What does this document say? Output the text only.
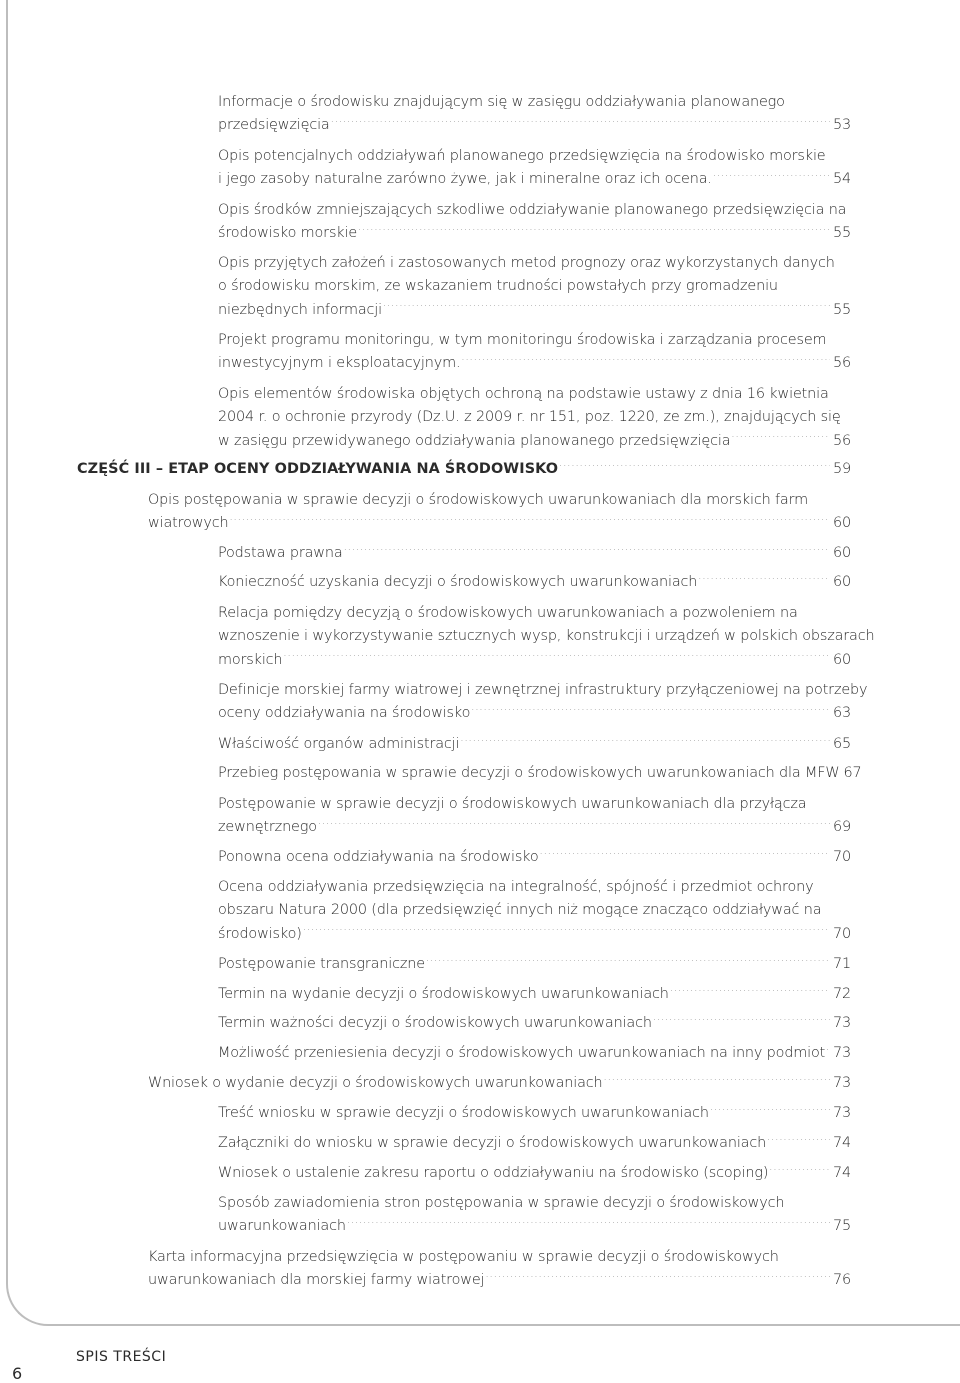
Informacje o środowisku znajdującym się w zasięgu oddziaływania planowanego
przedsięwzięcia .....	53
Opis potencjalnych oddziaływań planowanego przedsięwzięcia na środowisko morskie
i jego zasoby naturalne zarówno żywe, jak i mineralne oraz ich ocena. .....	54
Opis środków zmniejszających szkodliwe oddziaływanie planowanego przedsięwzięcia na
środowisko morskie .....	55
Opis przyjętych założeń i zastosowanych metod prognozy oraz wykorzystanych danych
o środowisku morskim, ze wskazaniem trudności powstałych przy gromadzeniu
niezbędnych informacji .....	55
Projekt programu monitoringu, w tym monitoringu środowiska i zarządzania procesem
inwestycyjnym i eksploatacyjnym. .....	56
Opis elementów środowiska objętych ochroną na podstawie ustawy z dnia 16 kwietnia
2004 r. o ochronie przyrody (Dz.U. z 2009 r. nr 151, poz. 1220, ze zm.), znajdujących się
w zasięgu przewidywanego oddziaływania planowanego przedsięwzięcia .....	56
CZĘŚĆ III – ETAP OCENY ODDZIAŁYWANIA NA ŚRODOWISKO .....	59
Opis postępowania w sprawie decyzji o środowiskowych uwarunkowaniach dla morskich farm
wiatrowych .....	60
Podstawa prawna .....	60
Konieczność uzyskania decyzji o środowiskowych uwarunkowaniach .....	60
Relacja pomiędzy decyzją o środowiskowych uwarunkowaniach a pozwoleniem na
wznoszenie i wykorzystywanie sztucznych wysp, konstrukcji i urządzeń w polskich obszarach
morskich .....	60
Definicje morskiej farmy wiatrowej i zewnętrznej infrastruktury przyłączeniowej na potrzeby
oceny oddziaływania na środowisko .....	63
Właściwość organów administracji .....	65
Przebieg postępowania w sprawie decyzji o środowiskowych uwarunkowaniach dla MFW 67
Postępowanie w sprawie decyzji o środowiskowych uwarunkowaniach dla przyłącza
zewnętrznego .....	69
Ponowna ocena oddziaływania na środowisko .....	70
Ocena oddziaływania przedsięwzięcia na integralność, spójność i przedmiot ochrony
obszaru Natura 2000 (dla przedsięwzięć innych niż mogące znacząco oddziaływać na
środowisko) .....	70
Postępowanie transgraniczne .....	71
Termin na wydanie decyzji o środowiskowych uwarunkowaniach .....	72
Termin ważności decyzji o środowiskowych uwarunkowaniach .....	73
Możliwość przeniesienia decyzji o środowiskowych uwarunkowaniach na inny podmiot ..... 73
Wniosek o wydanie decyzji o środowiskowych uwarunkowaniach .....	73
Treść wniosku w sprawie decyzji o środowiskowych uwarunkowaniach .....	73
Załączniki do wniosku w sprawie decyzji o środowiskowych uwarunkowaniach .....	74
Wniosek o ustalenie zakresu raportu o oddziaływaniu na środowisko (scoping) .....	74
Sposób zawiadomienia stron postępowania w sprawie decyzji o środowiskowych
uwarunkowaniach .....	75
Karta informacyjna przedsięwzięcia w postępowaniu w sprawie decyzji o środowiskowych
uwarunkowaniach dla morskiej farmy wiatrowej .....	76
6
SPIS TREŚCI
